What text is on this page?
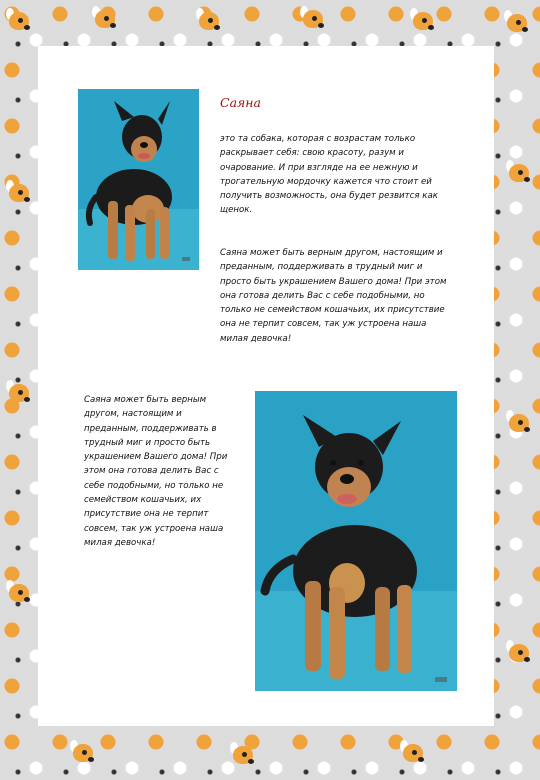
Саяна

это та собака, которая с возрастам только раскрывает себя: свою красоту, разум и очарование. И при взгляде на ее нежную и трогательную мордочку кажется что стоит ей получить возможность, она будет резвится как щенок.

Саяна может быть верным другом, настоящим и преданным, поддерживать в трудный миг и просто быть украшением Вашего дома! При этом она готова делить Вас с себе подобными, но только не семейством кошачьих, их присутствие она не терпит совсем, так уж устроена наша милая девочка!

Саяна может быть верным другом, настоящим и преданным, поддерживать в трудный миг и просто быть украшением Вашего дома! При этом она готова делить Вас с себе подобными, но только не семейством кошачьих, их присутствие она не терпит совсем, так уж устроена наша милая девочка!
